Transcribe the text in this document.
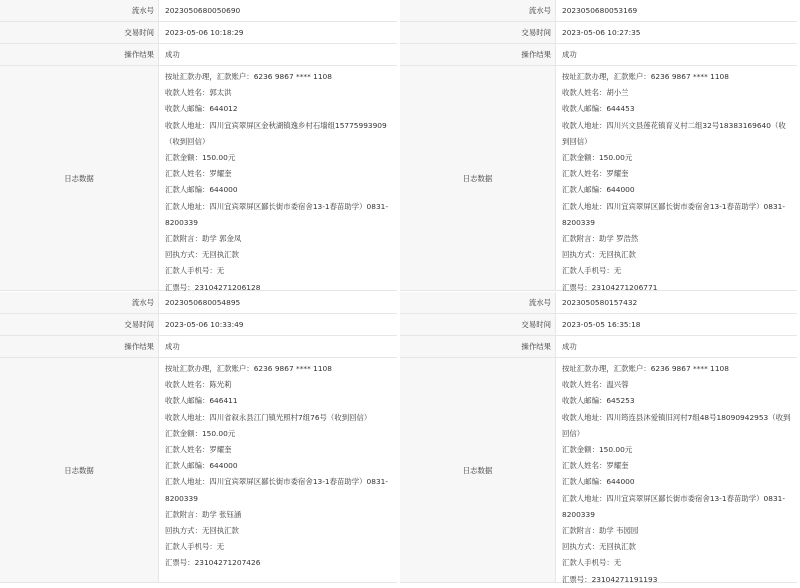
流水号	2023050680050690
交易时间	2023-05-06 10:18:29
操作结果	成功
日志数据
按址汇款办理，汇款账户：6236 9867 **** 1108
收款人姓名：郭太洪
收款人邮编：644012
收款人地址：四川宜宾翠屏区金秋湖镇逸乡村石墙组15775993909（收到回信）
汇款金额：150.00元
汇款人姓名：罗耀奎
汇款人邮编：644000
汇款人地址：四川宜宾翠屏区鄙长街市委宿舍13-1春苗助学）0831-8200339
汇款附言：助学 郭金凤
回执方式：无回执汇款
汇款人手机号：无
汇票号：23104271206128
流水号	2023050680053169
交易时间	2023-05-06 10:27:35
操作结果	成功
日志数据
按址汇款办理，汇款账户：6236 9867 **** 1108
收款人姓名：胡小兰
收款人邮编：644453
收款人地址：四川兴文县莲花镇育义村二组32号18383169640（收到回信）
汇款金额：150.00元
汇款人姓名：罗耀奎
汇款人邮编：644000
汇款人地址：四川宜宾翠屏区鄙长街市委宿舍13-1春苗助学）0831-8200339
汇款附言：助学 罗浩然
回执方式：无回执汇款
汇款人手机号：无
汇票号：23104271206771
流水号	2023050680054895
交易时间	2023-05-06 10:33:49
操作结果	成功
日志数据
按址汇款办理，汇款账户：6236 9867 **** 1108
收款人姓名：陈光莉
收款人邮编：646411
收款人地址：四川省叙永县江门镇光照村7组76号（收到回信）
汇款金额：150.00元
汇款人姓名：罗耀奎
汇款人邮编：644000
汇款人地址：四川宜宾翠屏区鄙长街市委宿舍13-1春苗助学）0831-8200339
汇款附言：助学 张钰涵
回执方式：无回执汇款
汇款人手机号：无
汇票号：23104271207426
流水号	2023050580157432
交易时间	2023-05-05 16:35:18
操作结果	成功
日志数据
按址汇款办理，汇款账户：6236 9867 **** 1108
收款人姓名：温兴蓉
收款人邮编：645253
收款人地址：四川筠连县沐爱镇旧河村7组48号18090942953（收到回信）
汇款金额：150.00元
汇款人姓名：罗耀奎
汇款人邮编：644000
汇款人地址：四川宜宾翠屏区鄙长街市委宿舍13-1春苗助学）0831-8200339
汇款附言：助学 韦园园
回执方式：无回执汇款
汇款人手机号：无
汇票号：23104271191193
